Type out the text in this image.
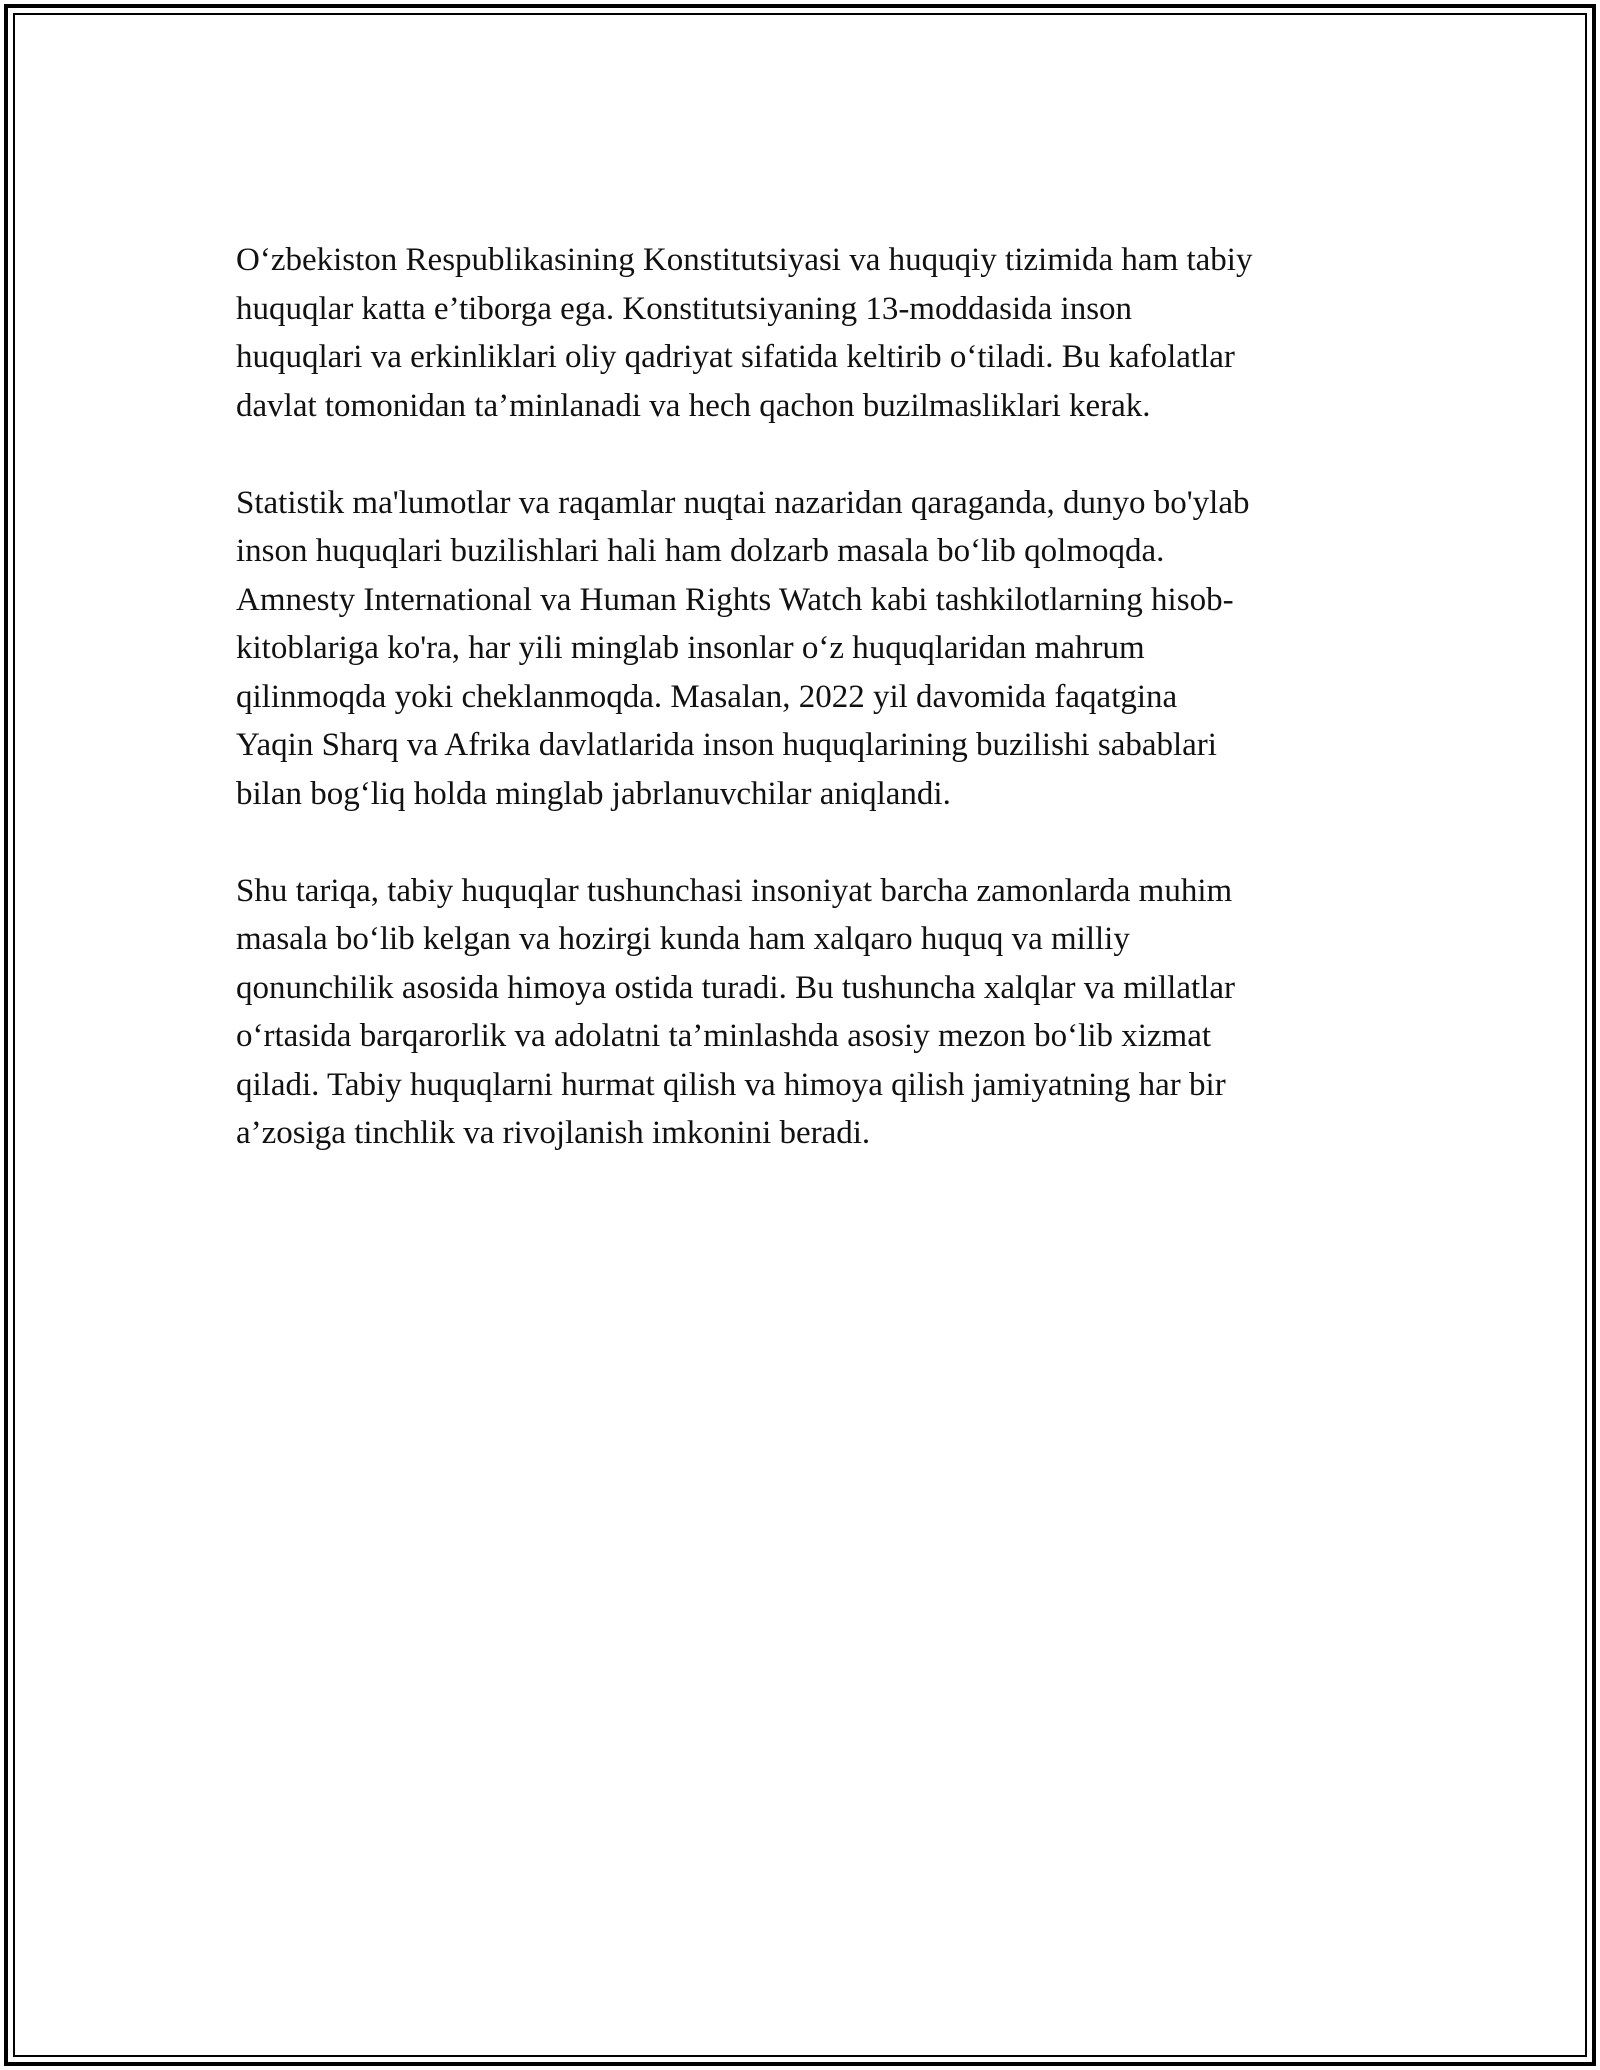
O‘zbekiston Respublikasining Konstitutsiyasi va huquqiy tizimida ham tabiy
huquqlar katta e’tiborga ega. Konstitutsiyaning 13-moddasida inson
huquqlari va erkinliklari oliy qadriyat sifatida keltirib o‘tiladi. Bu kafolatlar
davlat tomonidan ta’minlanadi va hech qachon buzilmasliklari kerak.

Statistik ma'lumotlar va raqamlar nuqtai nazaridan qaraganda, dunyo bo'ylab
inson huquqlari buzilishlari hali ham dolzarb masala bo‘lib qolmoqda.
Amnesty International va Human Rights Watch kabi tashkilotlarning hisob-
kitoblariga ko'ra, har yili minglab insonlar o‘z huquqlaridan mahrum
qilinmoqda yoki cheklanmoqda. Masalan, 2022 yil davomida faqatgina
Yaqin Sharq va Afrika davlatlarida inson huquqlarining buzilishi sabablari
bilan bog‘liq holda minglab jabrlanuvchilar aniqlandi.

Shu tariqa, tabiy huquqlar tushunchasi insoniyat barcha zamonlarda muhim
masala bo‘lib kelgan va hozirgi kunda ham xalqaro huquq va milliy
qonunchilik asosida himoya ostida turadi. Bu tushuncha xalqlar va millatlar
o‘rtasida barqarorlik va adolatni ta’minlashda asosiy mezon bo‘lib xizmat
qiladi. Tabiy huquqlarni hurmat qilish va himoya qilish jamiyatning har bir
a’zosiga tinchlik va rivojlanish imkonini beradi.
